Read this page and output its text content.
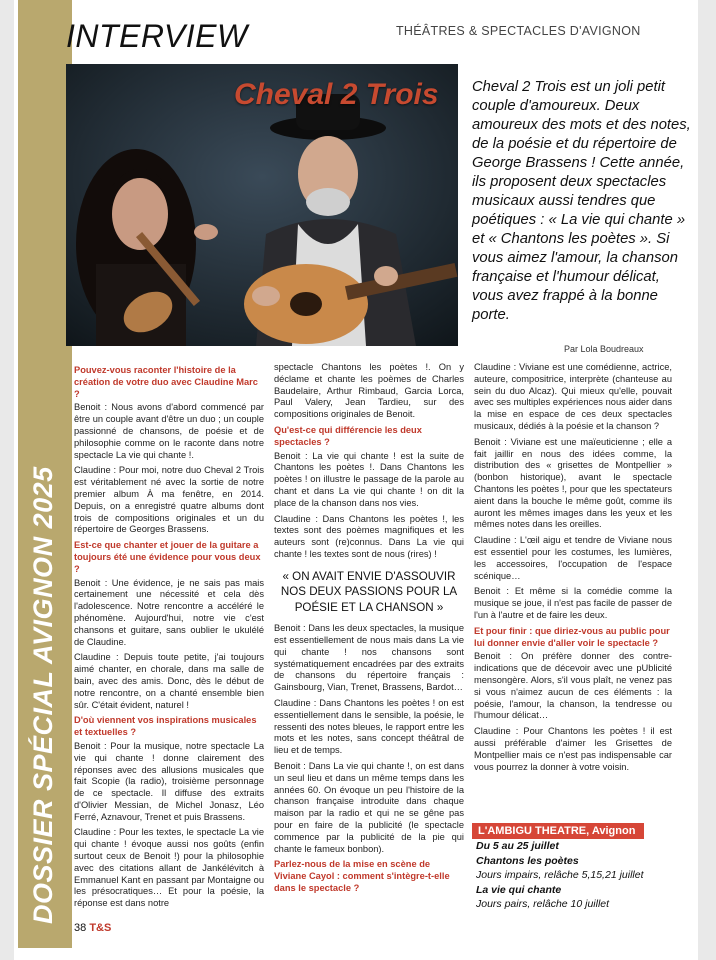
DOSSIER SPÉCIAL AVIGNON 2025
INTERVIEW	THÉÂTRES & SPECTACLES D'AVIGNON
Cheval 2 Trois Cheval 2 Trois est un joli petit couple d'amoureux. Deux amoureux des mots et des notes, de la poésie et du répertoire de George Brassens ! Cette année, ils proposent deux spectacles musicaux aussi tendres que poétiques : « La vie qui chante » et « Chantons les poètes ». Si vous aimez l'amour, la chanson française et l'humour délicat, vous avez frappé à la bonne porte.
Par Lola Boudreaux

Pouvez-vous raconter l'histoire de la création de votre duo avec Claudine Marc ?

Benoit : Nous avons d'abord commencé par être un couple avant d'être un duo ; un couple passionné de chansons, de poésie et de philosophie comme on le raconte dans notre spectacle La vie qui chante !.

Claudine : Pour moi, notre duo Cheval 2 Trois est véritablement né avec la sortie de notre premier album À ma fenêtre, en 2014. Depuis, on a enregistré quatre albums dont trois de compositions originales et un du répertoire de Georges Brassens.

Est-ce que chanter et jouer de la guitare a toujours été une évidence pour vous deux ?

Benoit : Une évidence, je ne sais pas mais certainement une nécessité et cela dès l'adolescence. Notre rencontre a accéléré le phénomène. Aujourd'hui, notre vie c'est chansons et guitare, sans oublier le ukulélé de Claudine.

Claudine : Depuis toute petite, j'ai toujours aimé chanter, en chorale, dans ma salle de bain, avec des amis. Donc, dès le début de notre rencontre, on a chanté ensemble bien sûr. C'était évident, naturel !

D'où viennent vos inspirations musicales et textuelles ?

Benoit : Pour la musique, notre spectacle La vie qui chante ! donne clairement des réponses avec des allusions musicales que fait Scopie (la radio), troisième personnage de ce spectacle. Il diffuse des extraits d'Olivier Messian, de Michel Jonasz, Léo Ferré, Aznavour, Trenet et puis Brassens.

Claudine : Pour les textes, le spectacle La vie qui chante ! évoque aussi nos goûts (enfin surtout ceux de Benoit !) pour la philosophie avec des citations allant de Jankélévitch à Emmanuel Kant en passant par Montaigne ou les présocratiques… Et pour la poésie, la réponse est dans notre

spectacle Chantons les poètes !. On y déclame et chante les poèmes de Charles Baudelaire, Arthur Rimbaud, Garcia Lorca, Paul Valery, Jean Tardieu, sur des compositions originales de Benoit.

Qu'est-ce qui différencie les deux spectacles ?

Benoit : La vie qui chante ! est la suite de Chantons les poètes !. Dans Chantons les poètes ! on illustre le passage de la parole au chant et dans La vie qui chante ! on dit la place de la chanson dans nos vies.

Claudine : Dans Chantons les poètes !, les textes sont des poèmes magnifiques et les auteurs sont (re)connus. Dans La vie qui chante ! les textes sont de nous (rires) !

« ON AVAIT ENVIE D'ASSOUVIR NOS DEUX PASSIONS POUR LA POÉSIE ET LA CHANSON »

Benoit : Dans les deux spectacles, la musique est essentiellement de nous mais dans La vie qui chante ! nos chansons sont systématiquement encadrées par des extraits de chansons du répertoire français : Gainsbourg, Vian, Trenet, Brassens, Bardot…

Claudine : Dans Chantons les poètes ! on est essentiellement dans le sensible, la poésie, le ressenti des notes bleues, le rapport entre les mots et les notes, sans concept théâtral de lieu et de temps.

Benoit : Dans La vie qui chante !, on est dans un seul lieu et dans un même temps dans les années 60. On évoque un peu l'histoire de la chanson française introduite dans chaque maison par la radio et qui ne se gêne pas pour en faire de la publicité (le spectacle commence par la publicité de la pie qui chante le fameux bonbon).

Parlez-nous de la mise en scène de Viviane Cayol : comment s'intègre-t-elle dans le spectacle ?

Claudine : Viviane est une comédienne, actrice, auteure, compositrice, interprète (chanteuse au sein du duo Alcaz). Qui mieux qu'elle, pouvait avec ses multiples expériences nous aider dans la mise en espace de ces deux spectacles musicaux, dédiés à la poésie et la chanson ?

Benoit : Viviane est une maïeuticienne ; elle a fait jaillir en nous des idées comme, la distribution des « grisettes de Montpellier » (bonbon historique), avant le spectacle Chantons les poètes !, pour que les spectateurs aient dans la bouche le même goût, comme ils auront les mêmes images dans les yeux et les mêmes notes dans les oreilles.

Claudine : L'œil aigu et tendre de Viviane nous est essentiel pour les costumes, les lumières, les accessoires, l'occupation de l'espace scénique…

Benoit : Et même si la comédie comme la musique se joue, il n'est pas facile de passer de l'un à l'autre et de faire les deux.

Et pour finir : que diriez-vous au public pour lui donner envie d'aller voir le spectacle ?

Benoit : On préfère donner des contre-indications que de décevoir avec une pUblicité mensongère. Alors, s'il vous plaît, ne venez pas si vous n'aimez aucun de ces éléments : la poésie, l'amour, la chanson, la tendresse ou l'humour délicat…

Claudine : Pour Chantons les poètes ! il est aussi préférable d'aimer les Grisettes de Montpellier mais ce n'est pas indispensable car vous pourrez la donner à votre voisin.

L'AMBIGU THEATRE, Avignon

Du 5 au 25 juillet

Chantons les poètes

Jours impairs, relâche 5,15,21 juillet

La vie qui chante

Jours pairs, relâche 10 juillet

38 T&S
